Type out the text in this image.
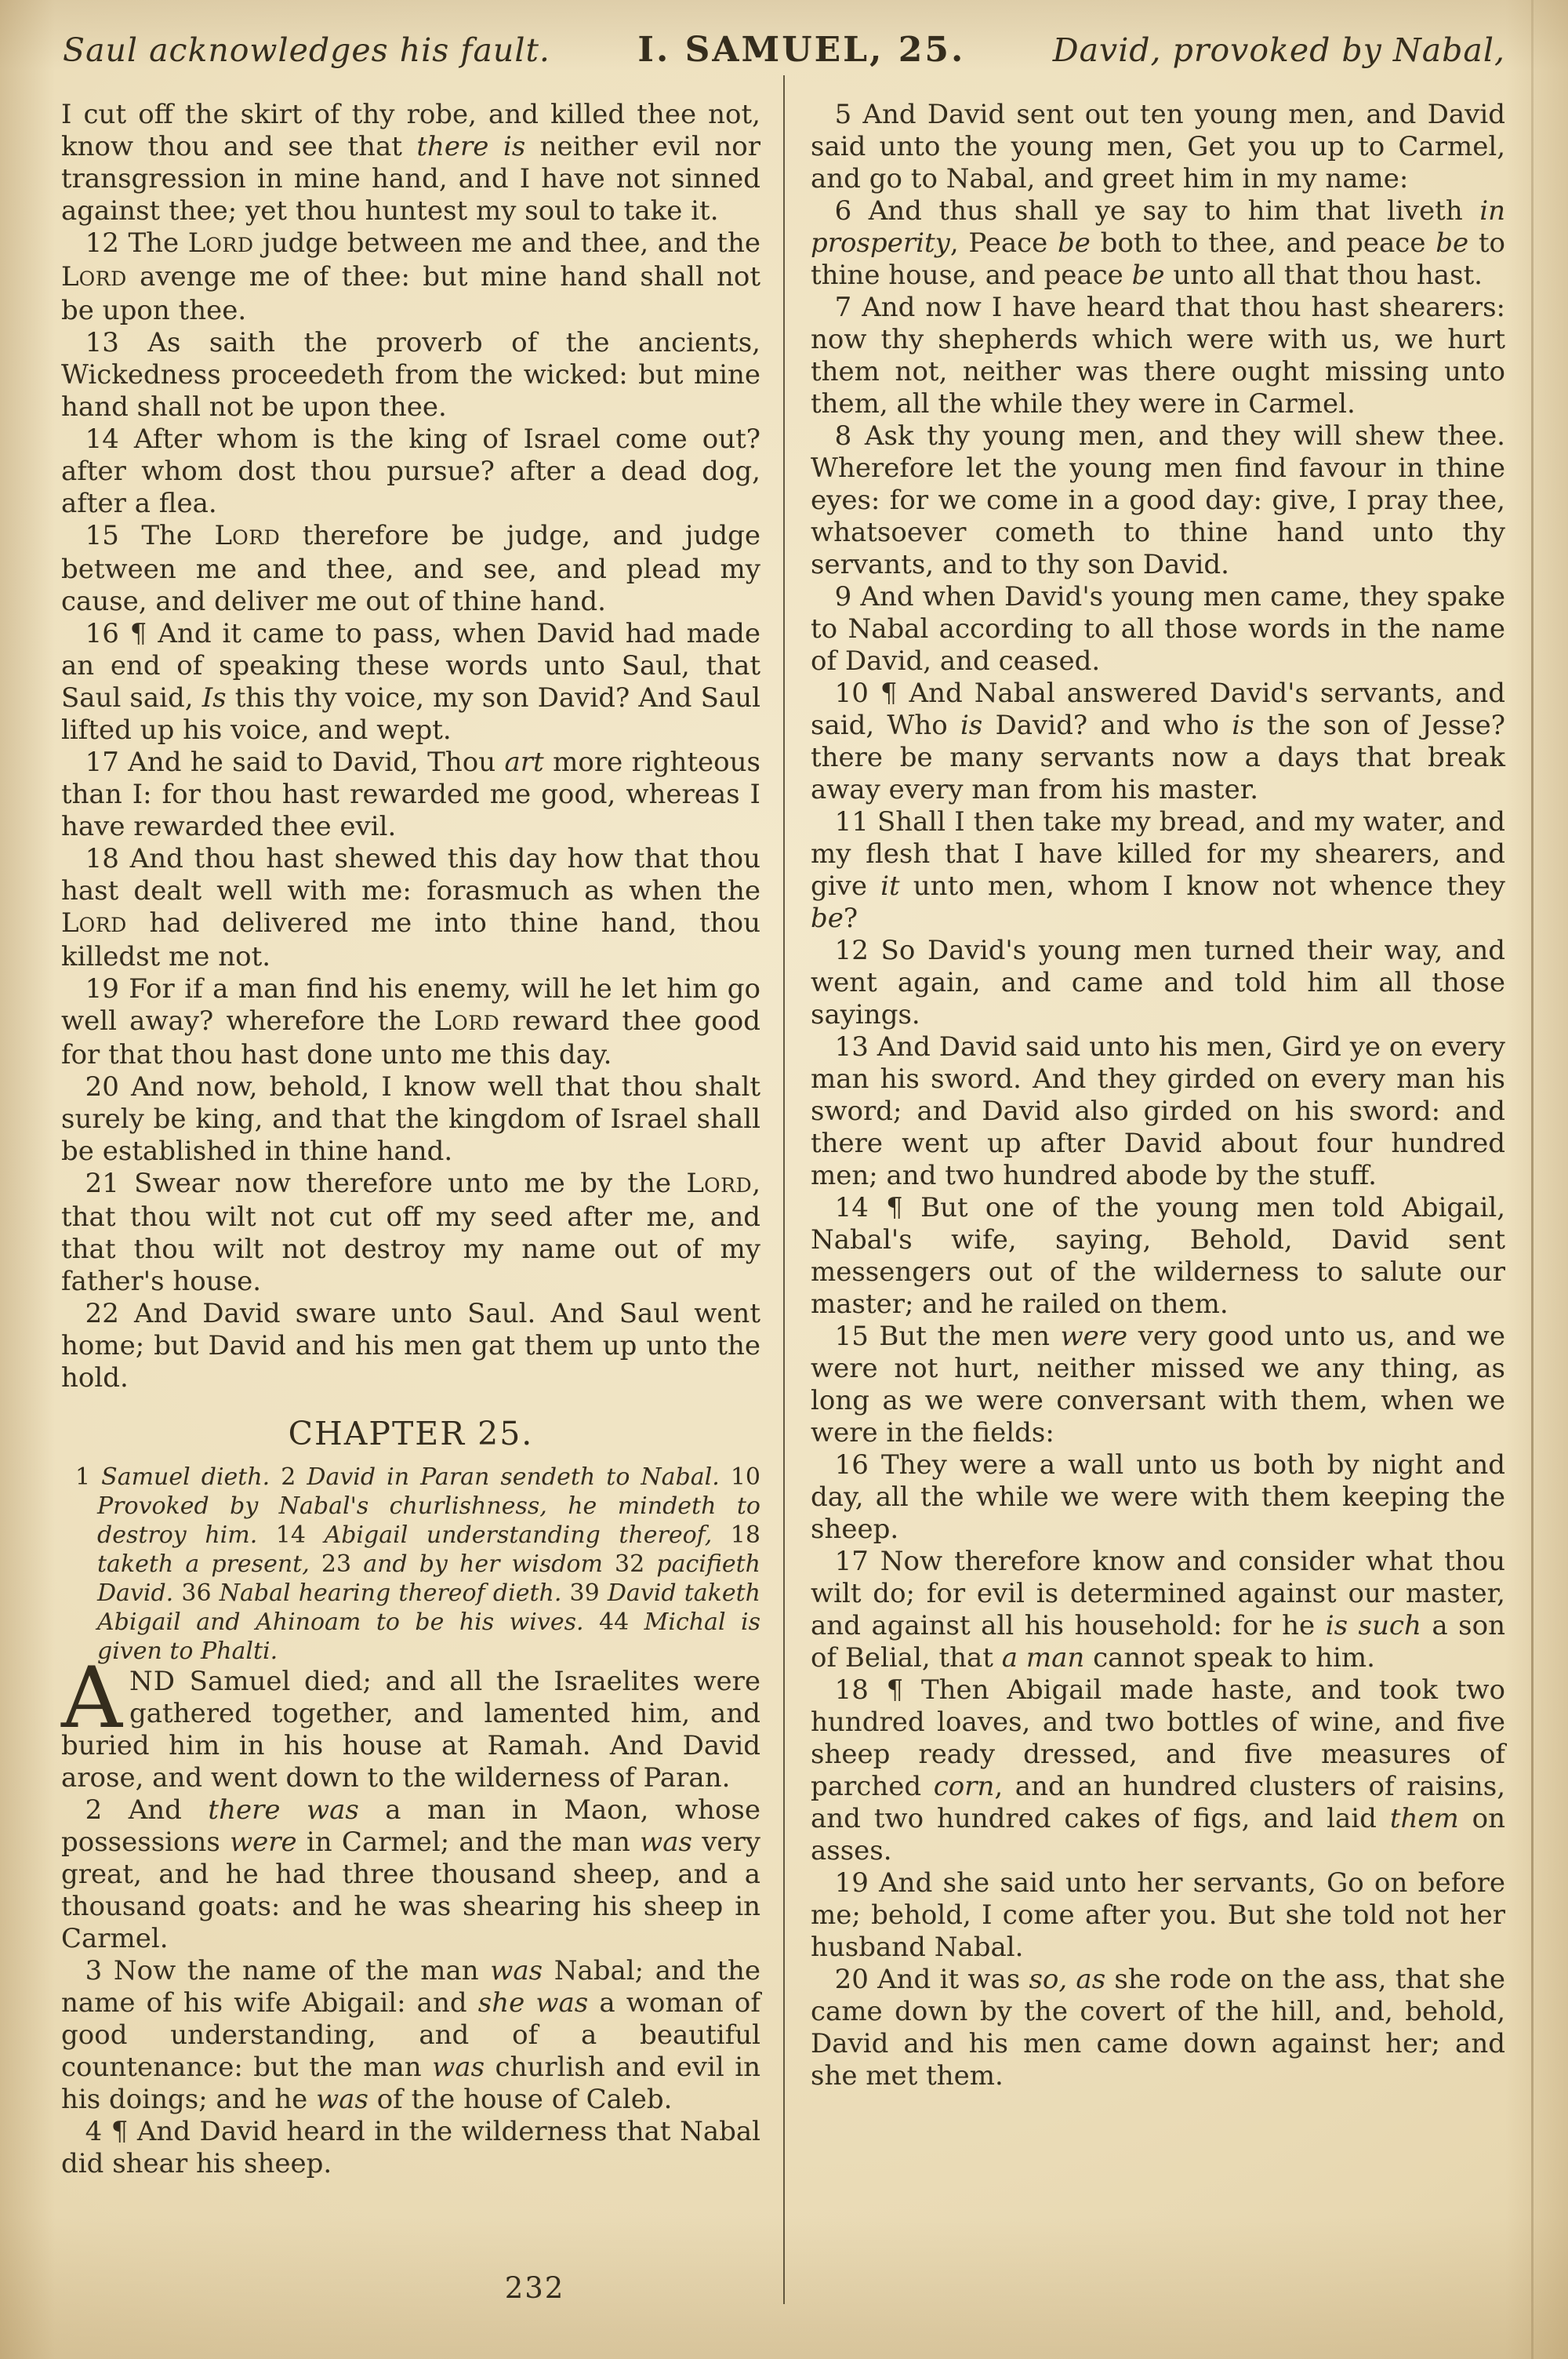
Saul acknowledges his fault.	I. SAMUEL, 25.	David, provoked by Nabal,

I cut off the skirt of thy robe, and killed thee not, know thou and see that there is neither evil nor transgression in mine hand, and I have not sinned against thee; yet thou huntest my soul to take it.

12 The LORD judge between me and thee, and the LORD avenge me of thee: but mine hand shall not be upon thee.

13 As saith the proverb of the ancients, Wickedness proceedeth from the wicked: but mine hand shall not be upon thee.

14 After whom is the king of Israel come out? after whom dost thou pursue? after a dead dog, after a flea.

15 The LORD therefore be judge, and judge between me and thee, and see, and plead my cause, and deliver me out of thine hand.

16 ¶ And it came to pass, when David had made an end of speaking these words unto Saul, that Saul said, Is this thy voice, my son David? And Saul lifted up his voice, and wept.

17 And he said to David, Thou art more righteous than I: for thou hast rewarded me good, whereas I have rewarded thee evil.

18 And thou hast shewed this day how that thou hast dealt well with me: forasmuch as when the LORD had delivered me into thine hand, thou killedst me not.

19 For if a man find his enemy, will he let him go well away? wherefore the LORD reward thee good for that thou hast done unto me this day.

20 And now, behold, I know well that thou shalt surely be king, and that the kingdom of Israel shall be established in thine hand.

21 Swear now therefore unto me by the LORD, that thou wilt not cut off my seed after me, and that thou wilt not destroy my name out of my father's house.

22 And David sware unto Saul. And Saul went home; but David and his men gat them up unto the hold.

CHAPTER 25.

1 Samuel dieth. 2 David in Paran sendeth to Nabal. 10 Provoked by Nabal's churlishness, he mindeth to destroy him. 14 Abigail understanding thereof, 18 taketh a present, 23 and by her wisdom 32 pacifieth David. 36 Nabal hearing thereof dieth. 39 David taketh Abigail and Ahinoam to be his wives. 44 Michal is given to Phalti.

AND Samuel died; and all the Israelites were gathered together, and lamented him, and buried him in his house at Ramah. And David arose, and went down to the wilderness of Paran.

2 And there was a man in Maon, whose possessions were in Carmel; and the man was very great, and he had three thousand sheep, and a thousand goats: and he was shearing his sheep in Carmel.

3 Now the name of the man was Nabal; and the name of his wife Abigail: and she was a woman of good understanding, and of a beautiful countenance: but the man was churlish and evil in his doings; and he was of the house of Caleb.

4 ¶ And David heard in the wilderness that Nabal did shear his sheep.

5 And David sent out ten young men, and David said unto the young men, Get you up to Carmel, and go to Nabal, and greet him in my name:

6 And thus shall ye say to him that liveth in prosperity, Peace be both to thee, and peace be to thine house, and peace be unto all that thou hast.

7 And now I have heard that thou hast shearers: now thy shepherds which were with us, we hurt them not, neither was there ought missing unto them, all the while they were in Carmel.

8 Ask thy young men, and they will shew thee. Wherefore let the young men find favour in thine eyes: for we come in a good day: give, I pray thee, whatsoever cometh to thine hand unto thy servants, and to thy son David.

9 And when David's young men came, they spake to Nabal according to all those words in the name of David, and ceased.

10 ¶ And Nabal answered David's servants, and said, Who is David? and who is the son of Jesse? there be many servants now a days that break away every man from his master.

11 Shall I then take my bread, and my water, and my flesh that I have killed for my shearers, and give it unto men, whom I know not whence they be?

12 So David's young men turned their way, and went again, and came and told him all those sayings.

13 And David said unto his men, Gird ye on every man his sword. And they girded on every man his sword; and David also girded on his sword: and there went up after David about four hundred men; and two hundred abode by the stuff.

14 ¶ But one of the young men told Abigail, Nabal's wife, saying, Behold, David sent messengers out of the wilderness to salute our master; and he railed on them.

15 But the men were very good unto us, and we were not hurt, neither missed we any thing, as long as we were conversant with them, when we were in the fields:

16 They were a wall unto us both by night and day, all the while we were with them keeping the sheep.

17 Now therefore know and consider what thou wilt do; for evil is determined against our master, and against all his household: for he is such a son of Belial, that a man cannot speak to him.

18 ¶ Then Abigail made haste, and took two hundred loaves, and two bottles of wine, and five sheep ready dressed, and five measures of parched corn, and an hundred clusters of raisins, and two hundred cakes of figs, and laid them on asses.

19 And she said unto her servants, Go on before me; behold, I come after you. But she told not her husband Nabal.

20 And it was so, as she rode on the ass, that she came down by the covert of the hill, and, behold, David and his men came down against her; and she met them.

232
